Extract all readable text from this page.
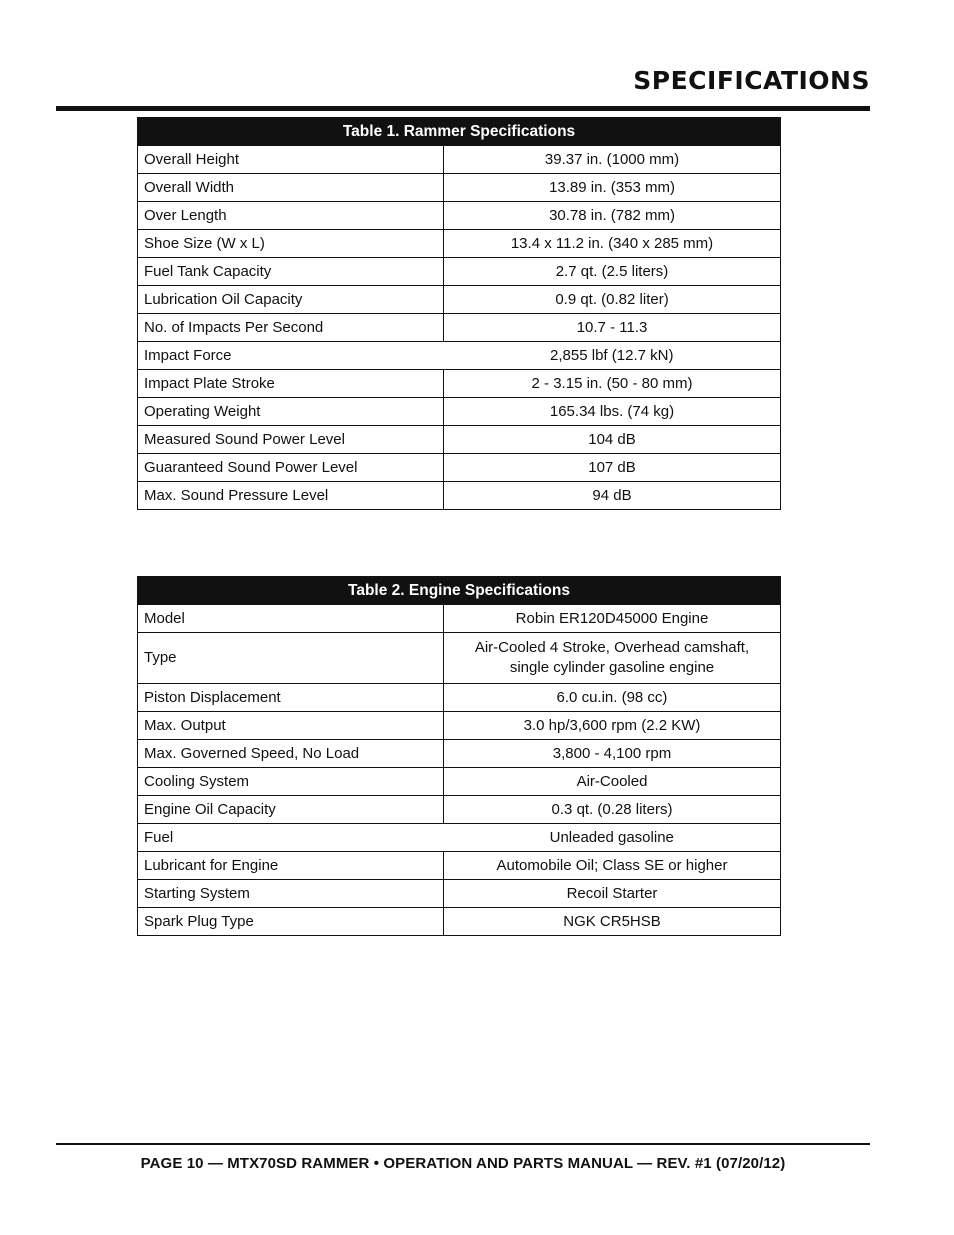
SPECIFICATIONS
Table 1. Rammer Specifications	
Overall Height	39.37 in. (1000 mm)
Overall Width	13.89 in. (353 mm)
Over Length	30.78 in. (782 mm)
Shoe Size (W x L)	13.4 x 11.2 in. (340 x 285 mm)
Fuel Tank Capacity	2.7 qt. (2.5 liters)
Lubrication Oil Capacity	0.9 qt. (0.82 liter)
No. of Impacts Per Second	10.7 - 11.3
Impact Force	2,855 lbf (12.7 kN)
Impact Plate Stroke	2 - 3.15 in. (50 - 80 mm)
Operating Weight	165.34 lbs. (74 kg)
Measured Sound Power Level	104 dB
Guaranteed Sound Power Level	107 dB
Max. Sound Pressure Level	94 dB
Table 2. Engine Specifications	
Model	Robin ER120D45000 Engine
Type	Air-Cooled 4 Stroke, Overhead camshaft,
single cylinder gasoline engine

Piston Displacement	6.0 cu.in. (98 cc)
Max. Output	3.0 hp/3,600 rpm (2.2 KW)
Max. Governed Speed, No Load	3,800 - 4,100 rpm
Cooling System	Air-Cooled
Engine Oil Capacity	0.3 qt. (0.28 liters)
Fuel	Unleaded gasoline
Lubricant for Engine	Automobile Oil; Class SE or higher
Starting System	Recoil Starter
Spark Plug Type	NGK CR5HSB
PAGE 10 — MTX70SD RAMMER • OPERATION AND PARTS MANUAL — REV. #1 (07/20/12)
